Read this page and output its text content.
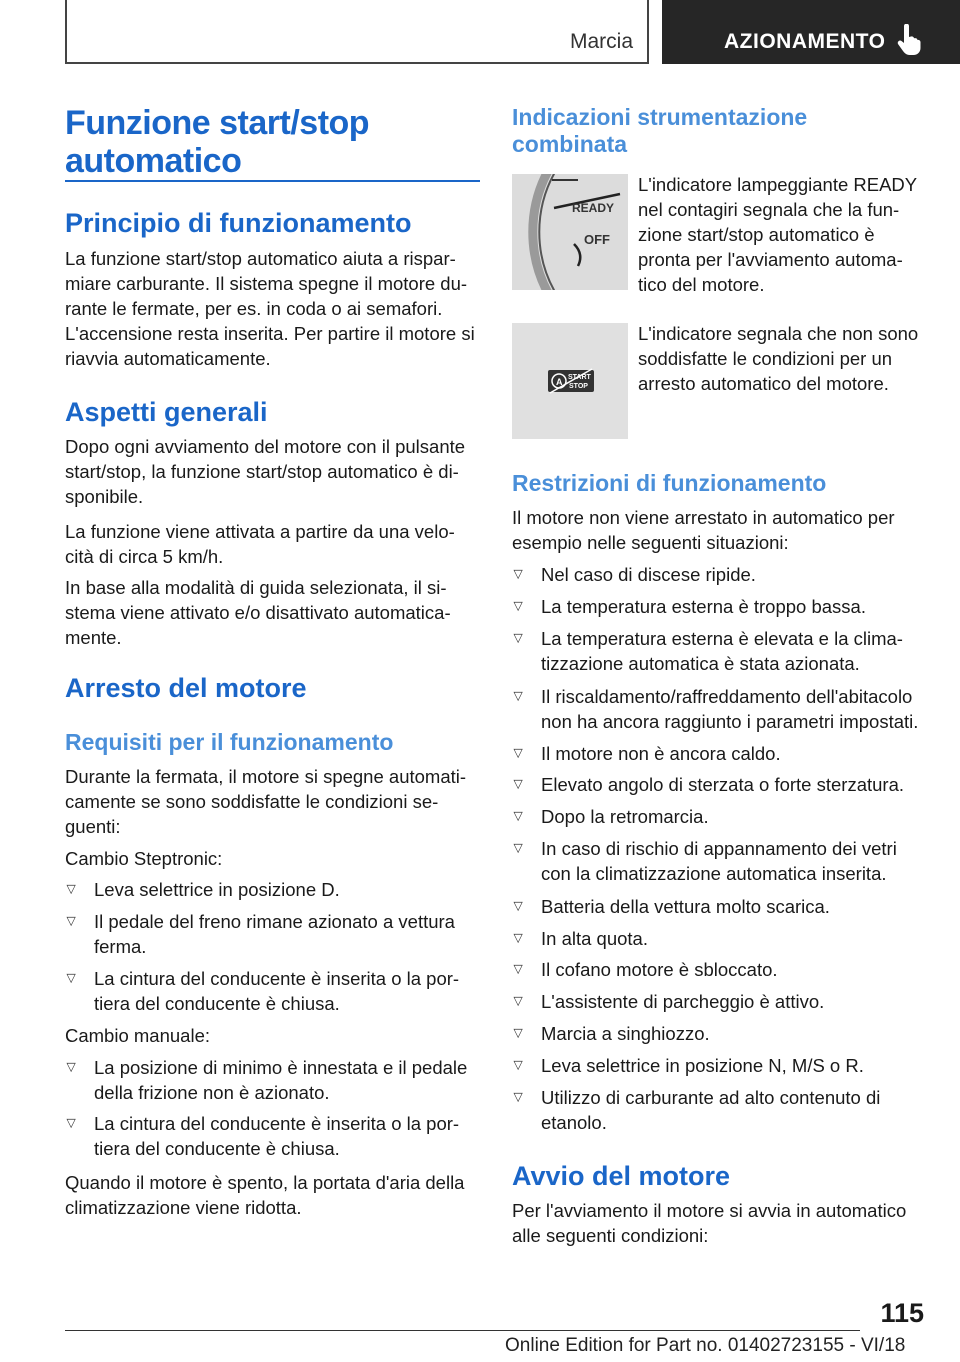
Marcia	AZIONAMENTO
Funzione start/stop automatico
Principio di funzionamento
La funzione start/stop automatico aiuta a rispar-miare carburante. Il sistema spegne il motore du-rante le fermate, per es. in coda o ai semafori. L'accensione resta inserita. Per partire il motore si riavvia automaticamente.
Aspetti generali
Dopo ogni avviamento del motore con il pulsante start/stop, la funzione start/stop automatico è di-sponibile.
La funzione viene attivata a partire da una velo-cità di circa 5 km/h.
In base alla modalità di guida selezionata, il si-stema viene attivato e/o disattivato automatica-mente.
Arresto del motore
Requisiti per il funzionamento
Durante la fermata, il motore si spegne automati-camente se sono soddisfatte le condizioni se-guenti:
Cambio Steptronic:
▷ Leva selettrice in posizione D.
▷ Il pedale del freno rimane azionato a vettura ferma.
▷ La cintura del conducente è inserita o la por-tiera del conducente è chiusa.
Cambio manuale:
▷ La posizione di minimo è innestata e il pedale della frizione non è azionato.
▷ La cintura del conducente è inserita o la por-tiera del conducente è chiusa.
Quando il motore è spento, la portata d'aria della climatizzazione viene ridotta.
Indicazioni strumentazione combinata
READY
OFF
L'indicatore lampeggiante READY nel contagiri segnala che la fun-zione start/stop automatico è pronta per l'avviamento automa-tico del motore.
A START
STOP
L'indicatore segnala che non sono soddisfatte le condizioni per un arresto automatico del motore.
Restrizioni di funzionamento
Il motore non viene arrestato in automatico per esempio nelle seguenti situazioni:
▷ Nel caso di discese ripide.
▷ La temperatura esterna è troppo bassa.
▷ La temperatura esterna è elevata e la clima-tizzazione automatica è stata azionata.
▷ Il riscaldamento/raffreddamento dell'abitacolo non ha ancora raggiunto i parametri impostati.
▷ Il motore non è ancora caldo.
▷ Elevato angolo di sterzata o forte sterzatura.
▷ Dopo la retromarcia.
▷ In caso di rischio di appannamento dei vetri con la climatizzazione automatica inserita.
▷ Batteria della vettura molto scarica.
▷ In alta quota.
▷ Il cofano motore è sbloccato.
▷ L'assistente di parcheggio è attivo.
▷ Marcia a singhiozzo.
▷ Leva selettrice in posizione N, M/S o R.
▷ Utilizzo di carburante ad alto contenuto di etanolo.
Avvio del motore
Per l'avviamento il motore si avvia in automatico alle seguenti condizioni:
115
Online Edition for Part no. 01402723155 - VI/18
